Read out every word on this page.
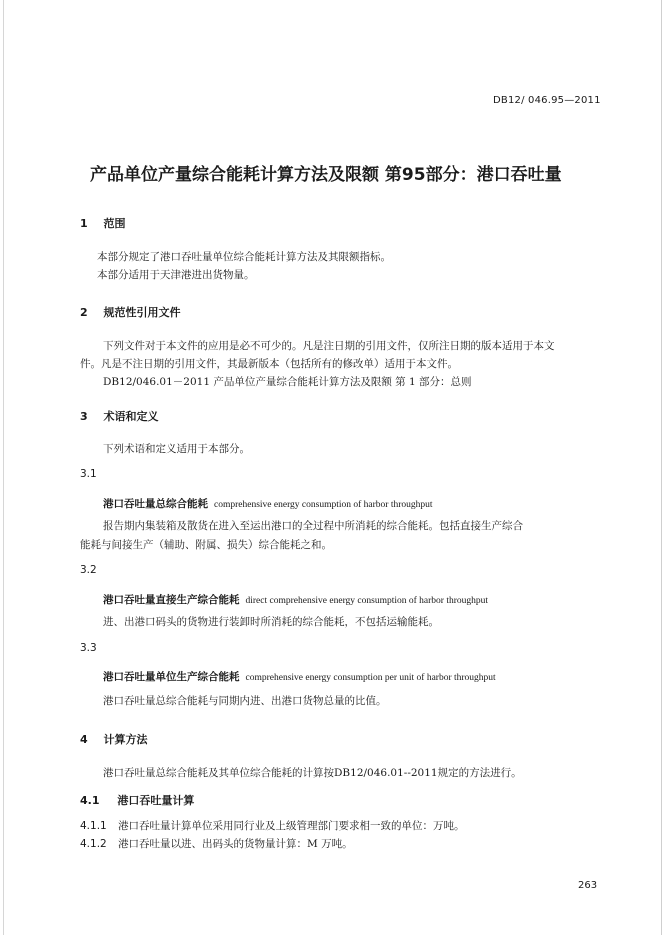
DB12/ 046.95—2011
产品单位产量综合能耗计算方法及限额 第95部分：港口吞吐量
1 范围
本部分规定了港口吞吐量单位综合能耗计算方法及其限额指标。
本部分适用于天津港进出货物量。
2 规范性引用文件
下列文件对于本文件的应用是必不可少的。凡是注日期的引用文件，仅所注日期的版本适用于本文
件。凡是不注日期的引用文件，其最新版本（包括所有的修改单）适用于本文件。
DB12/046.01－2011 产品单位产量综合能耗计算方法及限额 第 1 部分：总则
3 术语和定义
下列术语和定义适用于本部分。
3.1
港口吞吐量总综合能耗 comprehensive energy consumption of harbor throughput
报告期内集装箱及散货在进入至运出港口的全过程中所消耗的综合能耗。包括直接生产综合
能耗与间接生产（辅助、附属、损失）综合能耗之和。
3.2
港口吞吐量直接生产综合能耗 direct comprehensive energy consumption of harbor throughput
进、出港口码头的货物进行装卸时所消耗的综合能耗，不包括运输能耗。
3.3
港口吞吐量单位生产综合能耗 comprehensive energy consumption per unit of harbor throughput
港口吞吐量总综合能耗与同期内进、出港口货物总量的比值。
4 计算方法
港口吞吐量总综合能耗及其单位综合能耗的计算按DB12/046.01--2011规定的方法进行。
4.1 港口吞吐量计算
4.1.1 港口吞吐量计算单位采用同行业及上级管理部门要求相一致的单位：万吨。
4.1.2 港口吞吐量以进、出码头的货物量计算：M 万吨。
263
